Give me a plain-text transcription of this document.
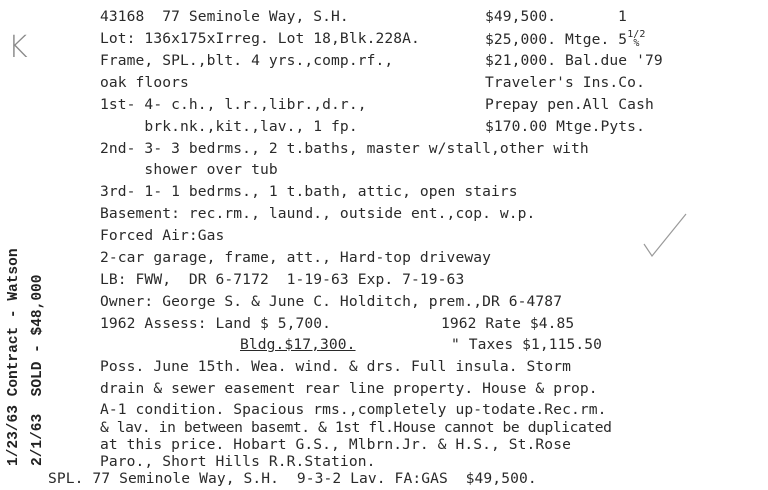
K
43168  77 Seminole Way, S.H.	$49,500.	1
Lot: 136x175xIrreg. Lot 18,Blk.228A.	$25,000. Mtge. 5 1/2
%
Frame, SPL.,blt. 4 yrs.,comp.rf.,	$21,000. Bal.due '79
oak floors	Traveler's Ins.Co.
1st- 4- c.h., l.r.,libr.,d.r.,	Prepay pen.All Cash
brk.nk.,kit.,lav., 1 fp.	$170.00 Mtge.Pyts.
2nd- 3- 3 bedrms., 2 t.baths, master w/stall,other with
shower over tub
3rd- 1- 1 bedrms., 1 t.bath, attic, open stairs
Basement: rec.rm., laund., outside ent.,cop. w.p.
Forced Air:Gas
2-car garage, frame, att., Hard-top driveway
LB: FWW,  DR 6-7172  1-19-63 Exp. 7-19-63
Owner: George S. & June C. Holditch, prem.,DR 6-4787
1962 Assess: Land $ 5,700.	1962 Rate $4.85
Bldg.$17,300.	" Taxes $1,115.50
Poss. June 15th. Wea. wind. & drs. Full insula. Storm
drain & sewer easement rear line property. House & prop.
A-1 condition. Spacious rms.,completely up-todate.Rec.rm.
& lav. in between basemt. & 1st fl.House cannot be duplicated
at this price. Hobart G.S., Mlbrn.Jr. & H.S., St.Rose
Paro., Short Hills R.R.Station.
SPL. 77 Seminole Way, S.H.  9-3-2 Lav. FA:GAS  $49,500.
1/23/63 Contract - Watson 2/1/63  SOLD - $48,000
